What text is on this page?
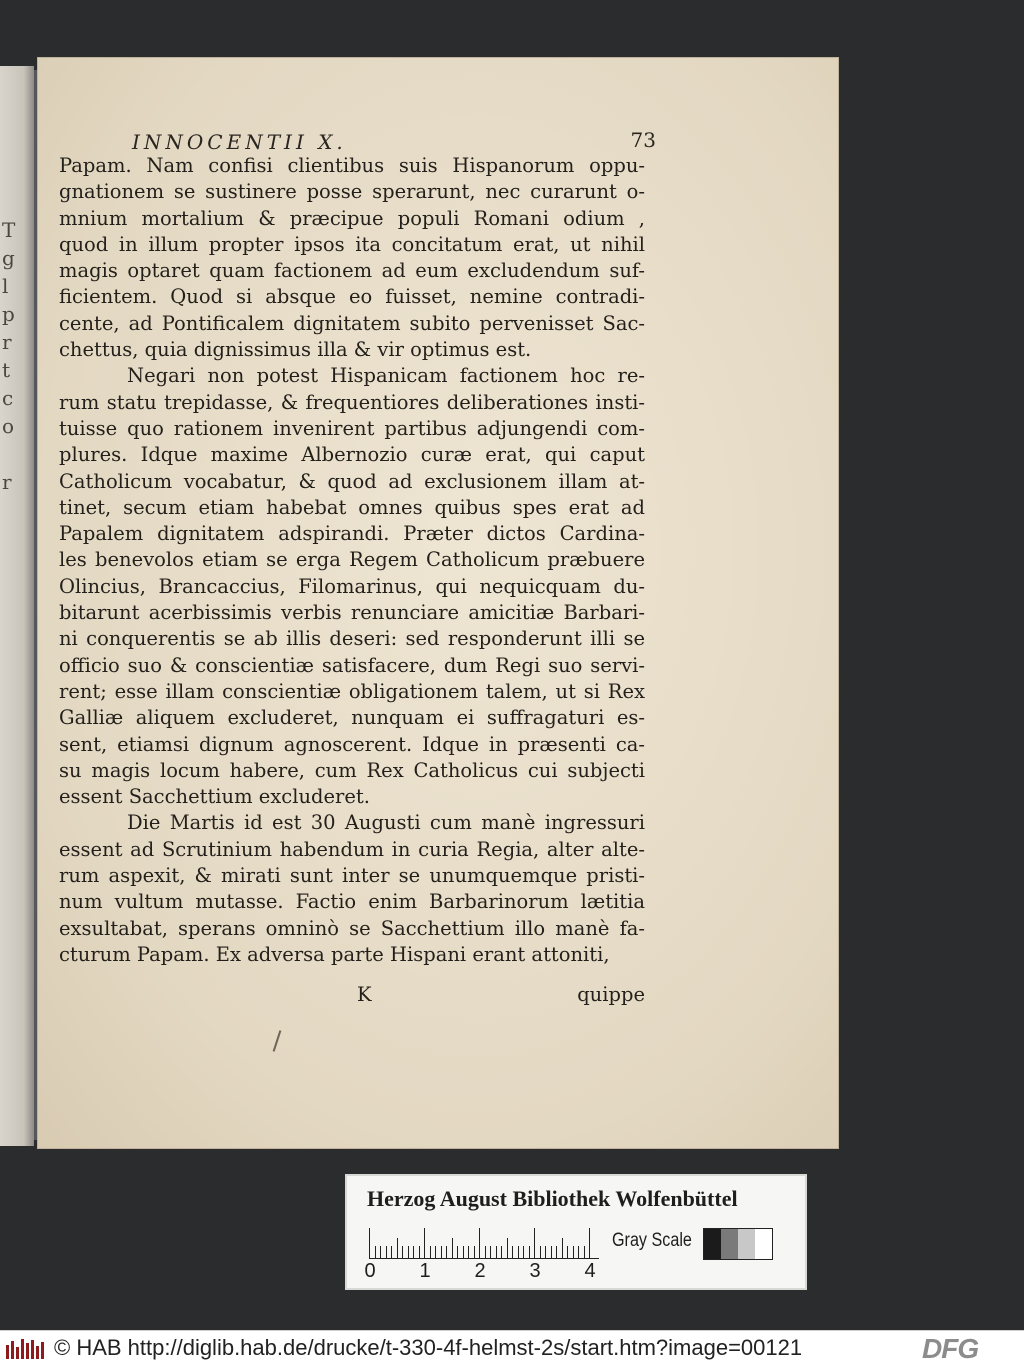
T
g
l
p
r
t
c
o
r
INNOCENTII X.	73
Papam. Nam confisi clientibus suis Hispanorum oppu-
gnationem se sustinere posse sperarunt, nec curarunt o-
mnium mortalium & præcipue populi Romani odium ,
quod in illum propter ipsos ita concitatum erat, ut nihil
magis optaret quam factionem ad eum excludendum suf-
ficientem. Quod si absque eo fuisset, nemine contradi-
cente, ad Pontificalem dignitatem subito pervenisset Sac-
chettus, quia dignissimus illa & vir optimus est.
Negari non potest Hispanicam factionem hoc re-
rum statu trepidasse, & frequentiores deliberationes insti-
tuisse quo rationem invenirent partibus adjungendi com-
plures. Idque maxime Albernozio curæ erat, qui caput
Catholicum vocabatur, & quod ad exclusionem illam at-
tinet, secum etiam habebat omnes quibus spes erat ad
Papalem dignitatem adspirandi. Præter dictos Cardina-
les benevolos etiam se erga Regem Catholicum præbuere
Olincius, Brancaccius, Filomarinus, qui nequicquam du-
bitarunt acerbissimis verbis renunciare amicitiæ Barbari-
ni conquerentis se ab illis deseri: sed responderunt illi se
officio suo & conscientiæ satisfacere, dum Regi suo servi-
rent; esse illam conscientiæ obligationem talem, ut si Rex
Galliæ aliquem excluderet, nunquam ei suffragaturi es-
sent, etiamsi dignum agnoscerent. Idque in præsenti ca-
su magis locum habere, cum Rex Catholicus cui subjecti
essent Sacchettium excluderet.
Die Martis id est 30 Augusti cum manè ingressuri
essent ad Scrutinium habendum in curia Regia, alter alte-
rum aspexit, & mirati sunt inter se unumquemque pristi-
num vultum mutasse. Factio enim Barbarinorum lætitia
exsultabat, sperans omninò se Sacchettium illo manè fa-
cturum Papam. Ex adversa parte Hispani erant attoniti,
K	quippe
Herzog August Bibliothek Wolfenbüttel
0 1 2 3 4
Gray Scale
© HAB http://diglib.hab.de/drucke/t-330-4f-helmst-2s/start.htm?image=00121	DFG
